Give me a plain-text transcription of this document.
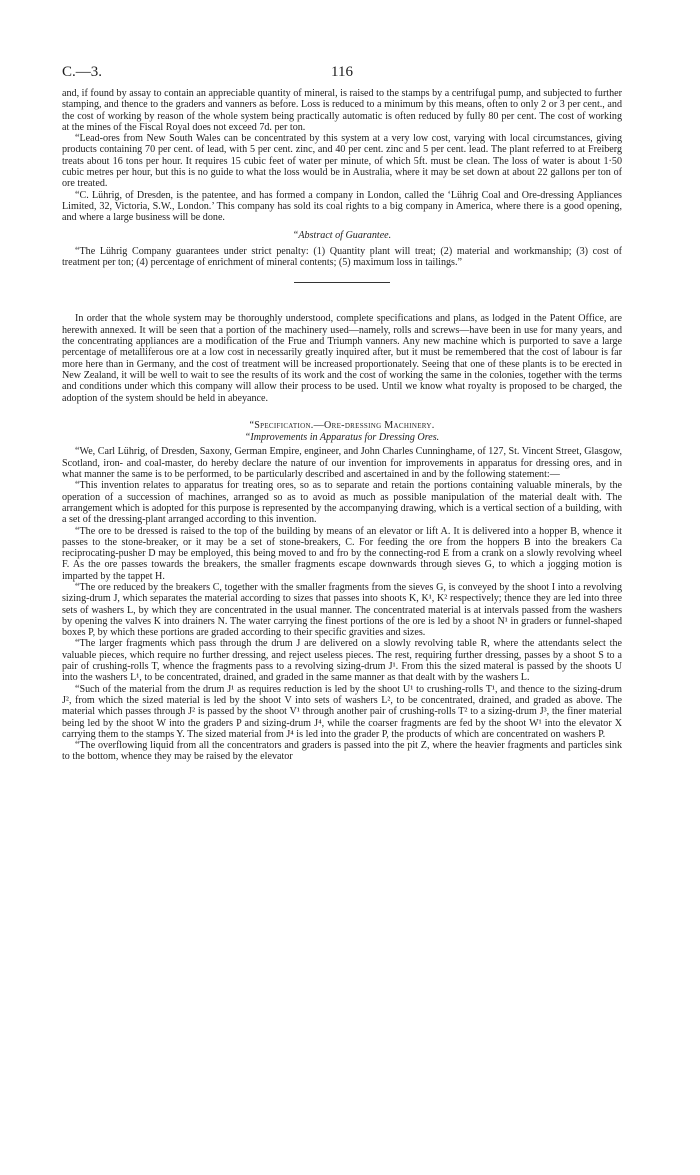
C.—3.	116

and, if found by assay to contain an appreciable quantity of mineral, is raised to the stamps by a centrifugal pump, and subjected to further stamping, and thence to the graders and vanners as before. Loss is reduced to a minimum by this means, often to only 2 or 3 per cent., and the cost of working by reason of the whole system being practically automatic is often reduced by fully 80 per cent. The cost of working at the mines of the Fiscal Royal does not exceed 7d. per ton.

“Lead-ores from New South Wales can be concentrated by this system at a very low cost, varying with local circumstances, giving products containing 70 per cent. of lead, with 5 per cent. zinc, and 40 per cent. zinc and 5 per cent. lead. The plant referred to at Freiberg treats about 16 tons per hour. It requires 15 cubic feet of water per minute, of which 5ft. must be clean. The loss of water is about 1·50 cubic metres per hour, but this is no guide to what the loss would be in Australia, where it may be set down at about 22 gallons per ton of ore treated.

“C. Lührig, of Dresden, is the patentee, and has formed a company in London, called the ‘Lührig Coal and Ore-dressing Appliances Limited, 32, Victoria, S.W., London.’ This company has sold its coal rights to a big company in America, where there is a good opening, and where a large business will be done.

“Abstract of Guarantee.

“The Lührig Company guarantees under strict penalty: (1) Quantity plant will treat; (2) material and workmanship; (3) cost of treatment per ton; (4) percentage of enrichment of mineral contents; (5) maximum loss in tailings.”

In order that the whole system may be thoroughly understood, complete specifications and plans, as lodged in the Patent Office, are herewith annexed. It will be seen that a portion of the machinery used—namely, rolls and screws—have been in use for many years, and the concentrating appliances are a modification of the Frue and Triumph vanners. Any new machine which is purported to save a large percentage of metalliferous ore at a low cost in necessarily greatly inquired after, but it must be remembered that the cost of labour is far more here than in Germany, and the cost of treatment will be increased proportionately. Seeing that one of these plants is to be erected in New Zealand, it will be well to wait to see the results of its work and the cost of working the same in the colonies, together with the terms and conditions under which this company will allow their process to be used. Until we know what royalty is proposed to be charged, the adoption of the system should be held in abeyance.

“Specification.—Ore-dressing Machinery.

“Improvements in Apparatus for Dressing Ores.

“We, Carl Lührig, of Dresden, Saxony, German Empire, engineer, and John Charles Cunninghame, of 127, St. Vincent Street, Glasgow, Scotland, iron- and coal-master, do hereby declare the nature of our invention for improvements in apparatus for dressing ores, and in what manner the same is to be performed, to be particularly described and ascertained in and by the following statement:—

“This invention relates to apparatus for treating ores, so as to separate and retain the portions containing valuable minerals, by the operation of a succession of machines, arranged so as to avoid as much as possible manipulation of the material dealt with. The arrangement which is adopted for this purpose is represented by the accompanying drawing, which is a vertical section of a building, with a set of the dressing-plant arranged according to this invention.

“The ore to be dressed is raised to the top of the building by means of an elevator or lift A. It is delivered into a hopper B, whence it passes to the stone-breaker, or it may be a set of stone-breakers, C. For feeding the ore from the hoppers B into the breakers Ca reciprocating-pusher D may be employed, this being moved to and fro by the connecting-rod E from a crank on a slowly revolving wheel F. As the ore passes towards the breakers, the smaller fragments escape downwards through sieves G, to which a jogging motion is imparted by the tappet H.

“The ore reduced by the breakers C, together with the smaller fragments from the sieves G, is conveyed by the shoot I into a revolving sizing-drum J, which separates the material according to sizes that passes into shoots K, K¹, K² respectively; thence they are led into three sets of washers L, by which they are concentrated in the usual manner. The concentrated material is at intervals passed from the washers by opening the valves K into drainers N. The water carrying the finest portions of the ore is led by a shoot N¹ in graders or funnel-shaped boxes P, by which these portions are graded according to their specific gravities and sizes.

“The larger fragments which pass through the drum J are delivered on a slowly revolving table R, where the attendants select the valuable pieces, which require no further dressing, and reject useless pieces. The rest, requiring further dressing, passes by a shoot S to a pair of crushing-rolls T, whence the fragments pass to a revolving sizing-drum J¹. From this the sized materal is passed by the shoots U into the washers L¹, to be concentrated, drained, and graded in the same manner as that dealt with by the washers L.

“Such of the material from the drum J¹ as requires reduction is led by the shoot U¹ to crushing-rolls T¹, and thence to the sizing-drum J², from which the sized material is led by the shoot V into sets of washers L², to be concentrated, drained, and graded as above. The material which passes through J² is passed by the shoot V¹ through another pair of crushing-rolls T² to a sizing-drum J³, the finer material being led by the shoot W into the graders P and sizing-drum J⁴, while the coarser fragments are fed by the shoot W¹ into the elevator X carrying them to the stamps Y. The sized material from J⁴ is led into the grader P, the products of which are concentrated on washers P.

“The overflowing liquid from all the concentrators and graders is passed into the pit Z, where the heavier fragments and particles sink to the bottom, whence they may be raised by the elevator
